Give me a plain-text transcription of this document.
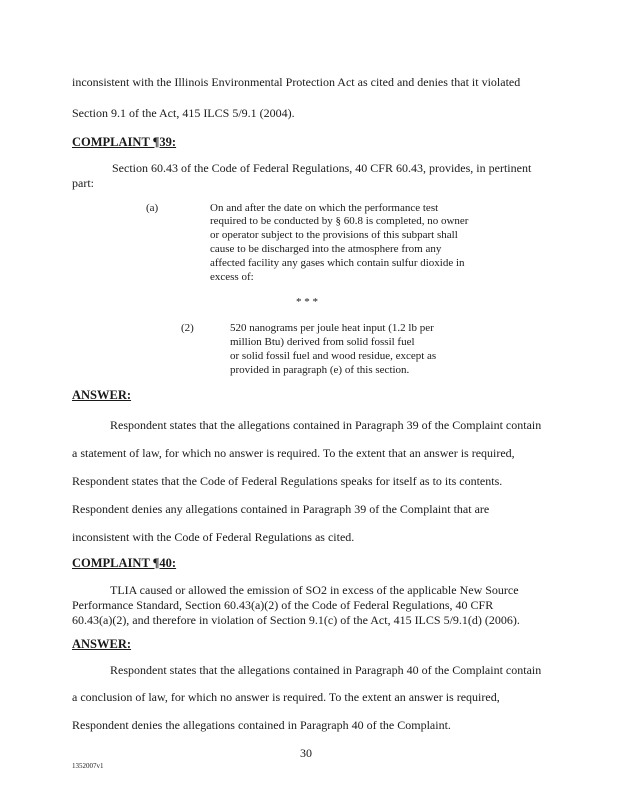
inconsistent with the Illinois Environmental Protection Act as cited and denies that it violated
Section 9.1 of the Act, 415 ILCS 5/9.1 (2004).
COMPLAINT ¶39:
Section 60.43 of the Code of Federal Regulations, 40 CFR 60.43, provides, in pertinent
part:
(a)	On and after the date on which the performance test
required to be conducted by § 60.8 is completed, no owner
or operator subject to the provisions of this subpart shall
cause to be discharged into the atmosphere from any
affected facility any gases which contain sulfur dioxide in
excess of:
* * *
(2)	520 nanograms per joule heat input (1.2 lb per
million Btu) derived from solid fossil fuel
or solid fossil fuel and wood residue, except as
provided in paragraph (e) of this section.
ANSWER:
Respondent states that the allegations contained in Paragraph 39 of the Complaint contain
a statement of law, for which no answer is required. To the extent that an answer is required,
Respondent states that the Code of Federal Regulations speaks for itself as to its contents.
Respondent denies any allegations contained in Paragraph 39 of the Complaint that are
inconsistent with the Code of Federal Regulations as cited.
COMPLAINT ¶40:
TLIA caused or allowed the emission of SO2 in excess of the applicable New Source
Performance Standard, Section 60.43(a)(2) of the Code of Federal Regulations, 40 CFR
60.43(a)(2), and therefore in violation of Section 9.1(c) of the Act, 415 ILCS 5/9.1(d) (2006).
ANSWER:
Respondent states that the allegations contained in Paragraph 40 of the Complaint contain
a conclusion of law, for which no answer is required. To the extent an answer is required,
Respondent denies the allegations contained in Paragraph 40 of the Complaint.
30
1352007v1
